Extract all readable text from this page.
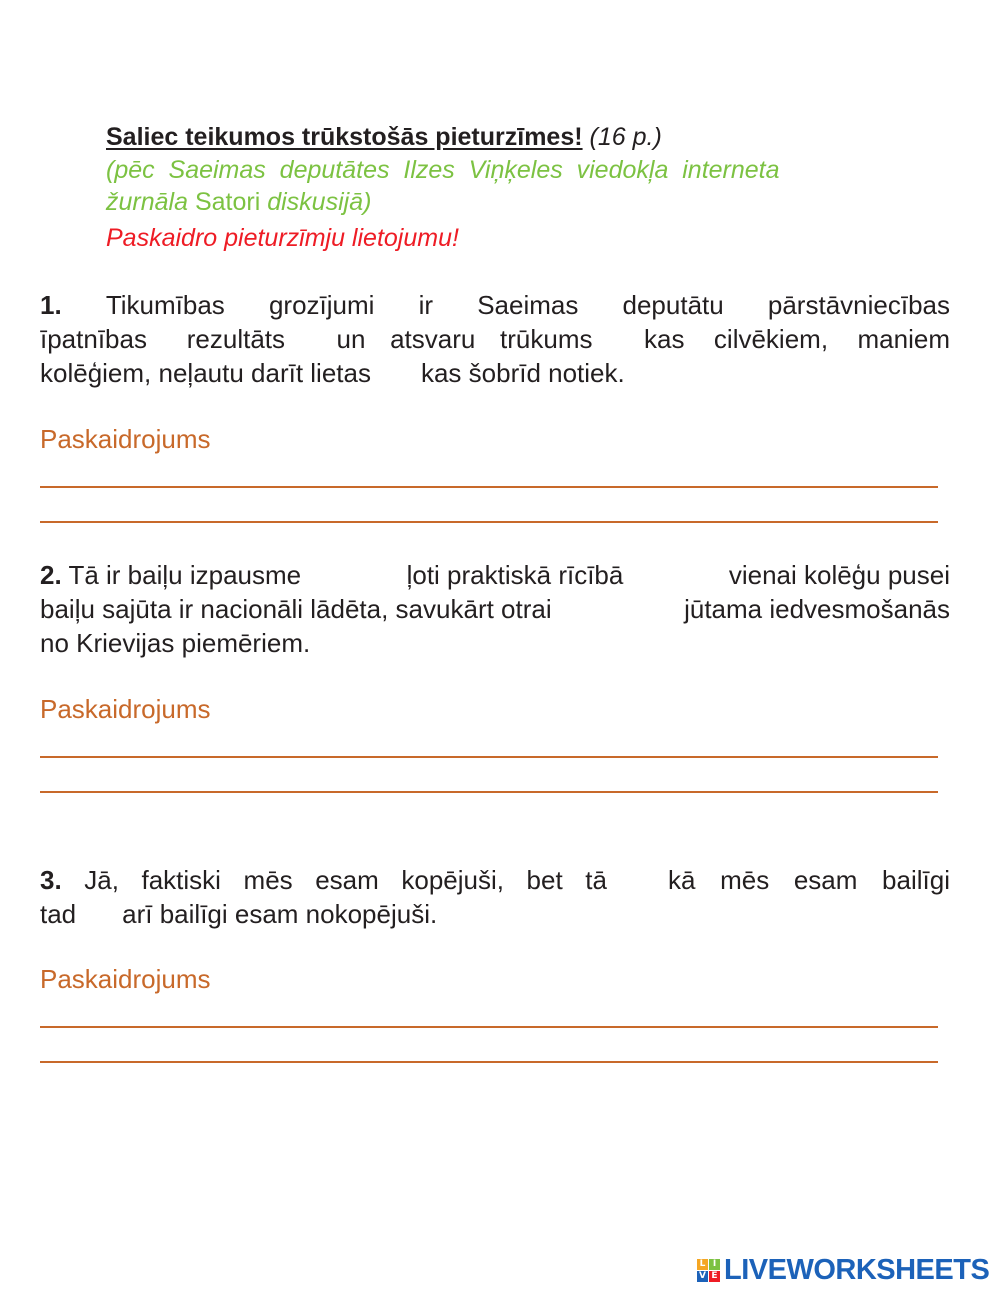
Saliec teikumos trūkstošās pieturzīmes! (16 p.)
(pēc  Saeimas  deputātes  Ilzes  Viņķeles  viedokļa  interneta
žurnāla Satori diskusijā)
Paskaidro pieturzīmju lietojumu!
1. Tikumības grozījumi ir Saeimas deputātu pārstāvniecības
īpatnības rezultāts un atsvaru trūkums kas cilvēkiem, maniem
kolēģiem, neļautu darīt lietas kas šobrīd notiek.
Paskaidrojums
2. Tā ir baiļu izpausme	ļoti praktiskā rīcībā	vienai kolēģu pusei
baiļu sajūta ir nacionāli lādēta, savukārt otrai	jūtama iedvesmošanās
no Krievijas piemēriem.
Paskaidrojums
3. Jā, faktiski mēs esam kopējuši, bet tā kā mēs esam bailīgi
tad arī bailīgi esam nokopējuši.
Paskaidrojums
L I
V E LIVEWORKSHEETS
